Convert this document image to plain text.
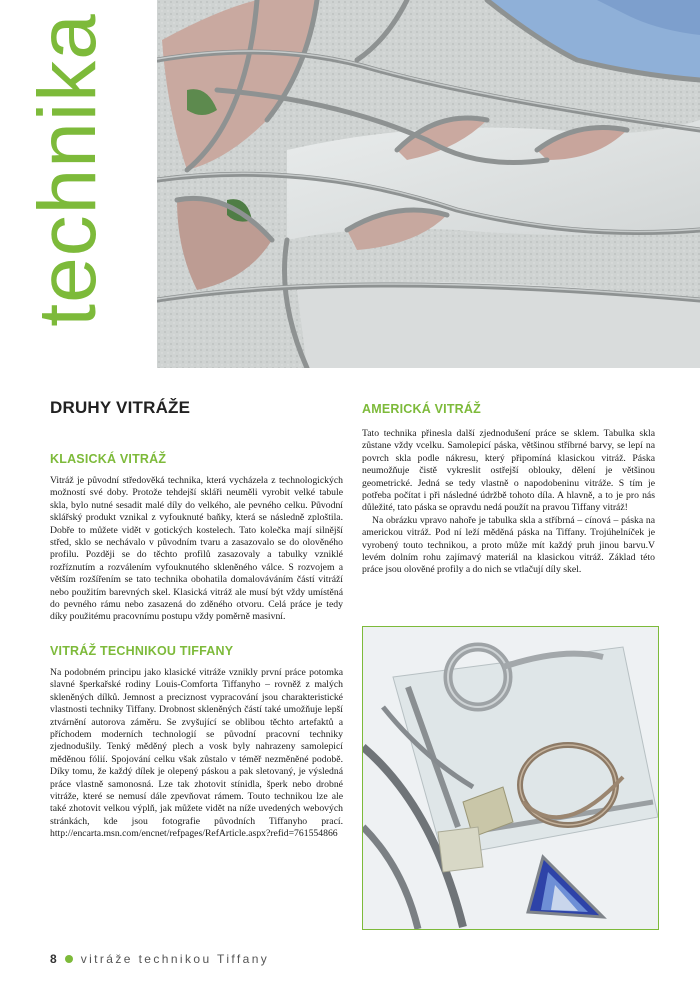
technika
DRUHY VITRÁŽE
KLASICKÁ VITRÁŽ

Vitráž je původní středověká technika, která vycházela z technologických možností své doby. Protože tehdejší skláři neuměli vyrobit velké tabule skla, bylo nutné sesadit malé díly do velkého, ale pevného celku. Původní sklářský produkt vznikal z vyfouknuté baňky, která se následně zploštila. Dobře to můžete vidět v gotických kostelech. Tato kolečka mají silnější střed, sklo se nechávalo v původním tvaru a zasazovalo se do olověného profilu. Později se do těchto profilů zasazovaly a tabulky vzniklé rozříznutím a rozválením vyfouknutého skleněného válce. S rozvojem a větším rozšířením se tato technika obohatila domalováváním částí vitráží nebo použitím barevných skel. Klasická vitráž ale musí být vždy umístěná do pevného rámu nebo zasazená do zděného otvoru. Celá práce je tedy díky použitému pracovnímu postupu vždy poměrně masivní.

VITRÁŽ TECHNIKOU TIFFANY

Na podobném principu jako klasické vitráže vznikly první práce potomka slavné šperkařské rodiny Louis-Comforta Tiffanyho – rovněž z malých skleněných dílků. Jemnost a preciznost vypracování jsou charakteristické vlastnosti techniky Tiffany. Drobnost skleněných částí také umožňuje lepší ztvárnění autorova záměru. Se zvyšující se oblibou těchto artefaktů a příchodem moderních technologií se původní pracovní techniky zjednodušily. Tenký měděný plech a vosk byly nahrazeny samolepicí měděnou fólií. Spojování celku však zůstalo v téměř nezměněné podobě. Díky tomu, že každý dílek je olepený páskou a pak sletovaný, je výsledná práce vlastně samonosná. Lze tak zhotovit stínidla, šperk nebo drobné vitráže, které se nemusí dále zpevňovat rámem. Touto technikou lze ale také zhotovit velkou výplň, jak můžete vidět na níže uvedených webových stránkách, kde jsou fotografie původních Tiffanyho prací. http://encarta.msn.com/encnet/refpages/RefArticle.aspx?refid=761554866

AMERICKÁ VITRÁŽ

Tato technika přinesla další zjednodušení práce se sklem. Tabulka skla zůstane vždy vcelku. Samolepicí páska, většinou stříbrné barvy, se lepí na povrch skla podle nákresu, který připomíná klasickou vitráž. Páska neumožňuje čistě vykreslit ostřejší oblouky, dělení je většinou geometrické. Jedná se tedy vlastně o napodobeninu vitráže. S tím je potřeba počítat i při následné údržbě tohoto díla. A hlavně, a to je pro nás důležité, tato páska se opravdu nedá použít na pravou Tiffany vitráž!

Na obrázku vpravo nahoře je tabulka skla a stříbrná – cínová – páska na americkou vitráž. Pod ní leží měděná páska na Tiffany. Trojúhelníček je vyrobený touto technikou, a proto může mít každý pruh jinou barvu.V levém dolním rohu zajímavý materiál na klasickou vitráž. Základ této práce jsou olověné profily a do nich se vtlačují díly skel.

8 vitráže technikou Tiffany
